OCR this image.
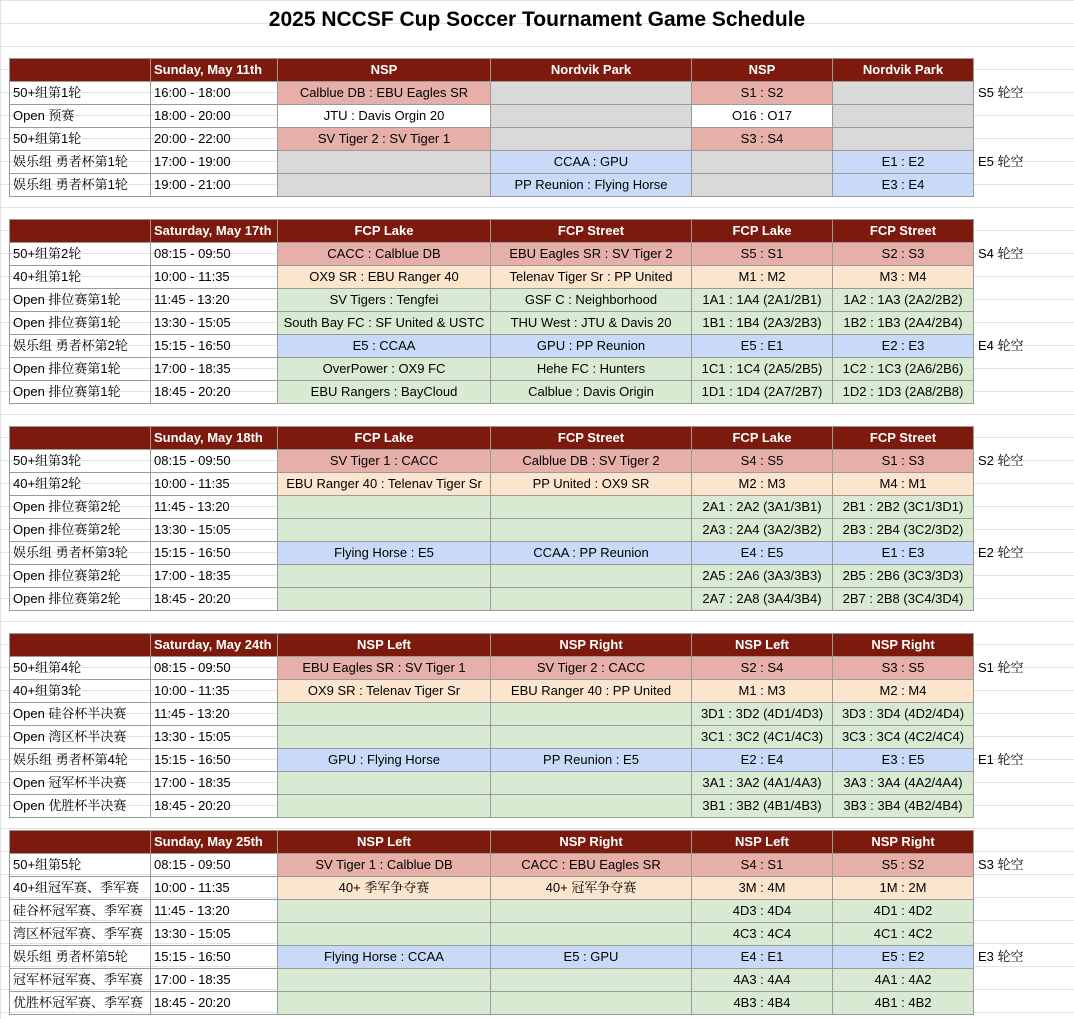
2025 NCCSF Cup Soccer Tournament Game Schedule
	Sunday, May 11th	NSP	Nordvik Park	NSP	Nordvik Park	
50+组第1轮	16:00 - 18:00	Calblue DB : EBU Eagles SR		S1 : S2		S5 轮空
Open 预赛	18:00 - 20:00	JTU : Davis Orgin 20		O16 : O17		
50+组第1轮	20:00 - 22:00	SV Tiger 2 : SV Tiger 1		S3 : S4		
娱乐组 勇者杯第1轮	17:00 - 19:00		CCAA : GPU		E1 : E2	E5 轮空
娱乐组 勇者杯第1轮	19:00 - 21:00		PP Reunion : Flying Horse		E3 : E4	
	Saturday, May 17th	FCP Lake	FCP Street	FCP Lake	FCP Street	
50+组第2轮	08:15 - 09:50	CACC : Calblue DB	EBU Eagles SR : SV Tiger 2	S5 : S1	S2 : S3	S4 轮空
40+组第1轮	10:00 - 11:35	OX9 SR : EBU Ranger 40	Telenav Tiger Sr : PP United	M1 : M2	M3 : M4	
Open 排位赛第1轮	11:45 - 13:20	SV Tigers : Tengfei	GSF C : Neighborhood	1A1 : 1A4 (2A1/2B1)	1A2 : 1A3 (2A2/2B2)	
Open 排位赛第1轮	13:30 - 15:05	South Bay FC : SF United & USTC	THU West : JTU & Davis 20	1B1 : 1B4 (2A3/2B3)	1B2 : 1B3 (2A4/2B4)	
娱乐组 勇者杯第2轮	15:15 - 16:50	E5 : CCAA	GPU : PP Reunion	E5 : E1	E2 : E3	E4 轮空
Open 排位赛第1轮	17:00 - 18:35	OverPower : OX9 FC	Hehe FC : Hunters	1C1 : 1C4 (2A5/2B5)	1C2 : 1C3 (2A6/2B6)	
Open 排位赛第1轮	18:45 - 20:20	EBU Rangers : BayCloud	Calblue : Davis Origin	1D1 : 1D4 (2A7/2B7)	1D2 : 1D3 (2A8/2B8)	
	Sunday, May 18th	FCP Lake	FCP Street	FCP Lake	FCP Street	
50+组第3轮	08:15 - 09:50	SV Tiger 1 : CACC	Calblue DB : SV Tiger 2	S4 : S5	S1 : S3	S2 轮空
40+组第2轮	10:00 - 11:35	EBU Ranger 40 : Telenav Tiger Sr	PP United : OX9 SR	M2 : M3	M4 : M1	
Open 排位赛第2轮	11:45 - 13:20			2A1 : 2A2 (3A1/3B1)	2B1 : 2B2 (3C1/3D1)	
Open 排位赛第2轮	13:30 - 15:05			2A3 : 2A4 (3A2/3B2)	2B3 : 2B4 (3C2/3D2)	
娱乐组 勇者杯第3轮	15:15 - 16:50	Flying Horse : E5	CCAA : PP Reunion	E4 : E5	E1 : E3	E2 轮空
Open 排位赛第2轮	17:00 - 18:35			2A5 : 2A6 (3A3/3B3)	2B5 : 2B6 (3C3/3D3)	
Open 排位赛第2轮	18:45 - 20:20			2A7 : 2A8 (3A4/3B4)	2B7 : 2B8 (3C4/3D4)	
	Saturday, May 24th	NSP Left	NSP Right	NSP Left	NSP Right	
50+组第4轮	08:15 - 09:50	EBU Eagles SR : SV Tiger 1	SV Tiger 2 : CACC	S2 : S4	S3 : S5	S1 轮空
40+组第3轮	10:00 - 11:35	OX9 SR : Telenav Tiger Sr	EBU Ranger 40 : PP United	M1 : M3	M2 : M4	
Open 硅谷杯半决赛	11:45 - 13:20			3D1 : 3D2 (4D1/4D3)	3D3 : 3D4 (4D2/4D4)	
Open 湾区杯半决赛	13:30 - 15:05			3C1 : 3C2 (4C1/4C3)	3C3 : 3C4 (4C2/4C4)	
娱乐组 勇者杯第4轮	15:15 - 16:50	GPU : Flying Horse	PP Reunion : E5	E2 : E4	E3 : E5	E1 轮空
Open 冠军杯半决赛	17:00 - 18:35			3A1 : 3A2 (4A1/4A3)	3A3 : 3A4 (4A2/4A4)	
Open 优胜杯半决赛	18:45 - 20:20			3B1 : 3B2 (4B1/4B3)	3B3 : 3B4 (4B2/4B4)	
	Sunday, May 25th	NSP Left	NSP Right	NSP Left	NSP Right	
50+组第5轮	08:15 - 09:50	SV Tiger 1 : Calblue DB	CACC : EBU Eagles SR	S4 : S1	S5 : S2	S3 轮空
40+组冠军赛、季军赛	10:00 - 11:35	40+ 季军争夺赛	40+ 冠军争夺赛	3M : 4M	1M : 2M	
硅谷杯冠军赛、季军赛	11:45 - 13:20			4D3 : 4D4	4D1 : 4D2	
湾区杯冠军赛、季军赛	13:30 - 15:05			4C3 : 4C4	4C1 : 4C2	
娱乐组 勇者杯第5轮	15:15 - 16:50	Flying Horse : CCAA	E5 : GPU	E4 : E1	E5 : E2	E3 轮空
冠军杯冠军赛、季军赛	17:00 - 18:35			4A3 : 4A4	4A1 : 4A2	
优胜杯冠军赛、季军赛	18:45 - 20:20			4B3 : 4B4	4B1 : 4B2	
